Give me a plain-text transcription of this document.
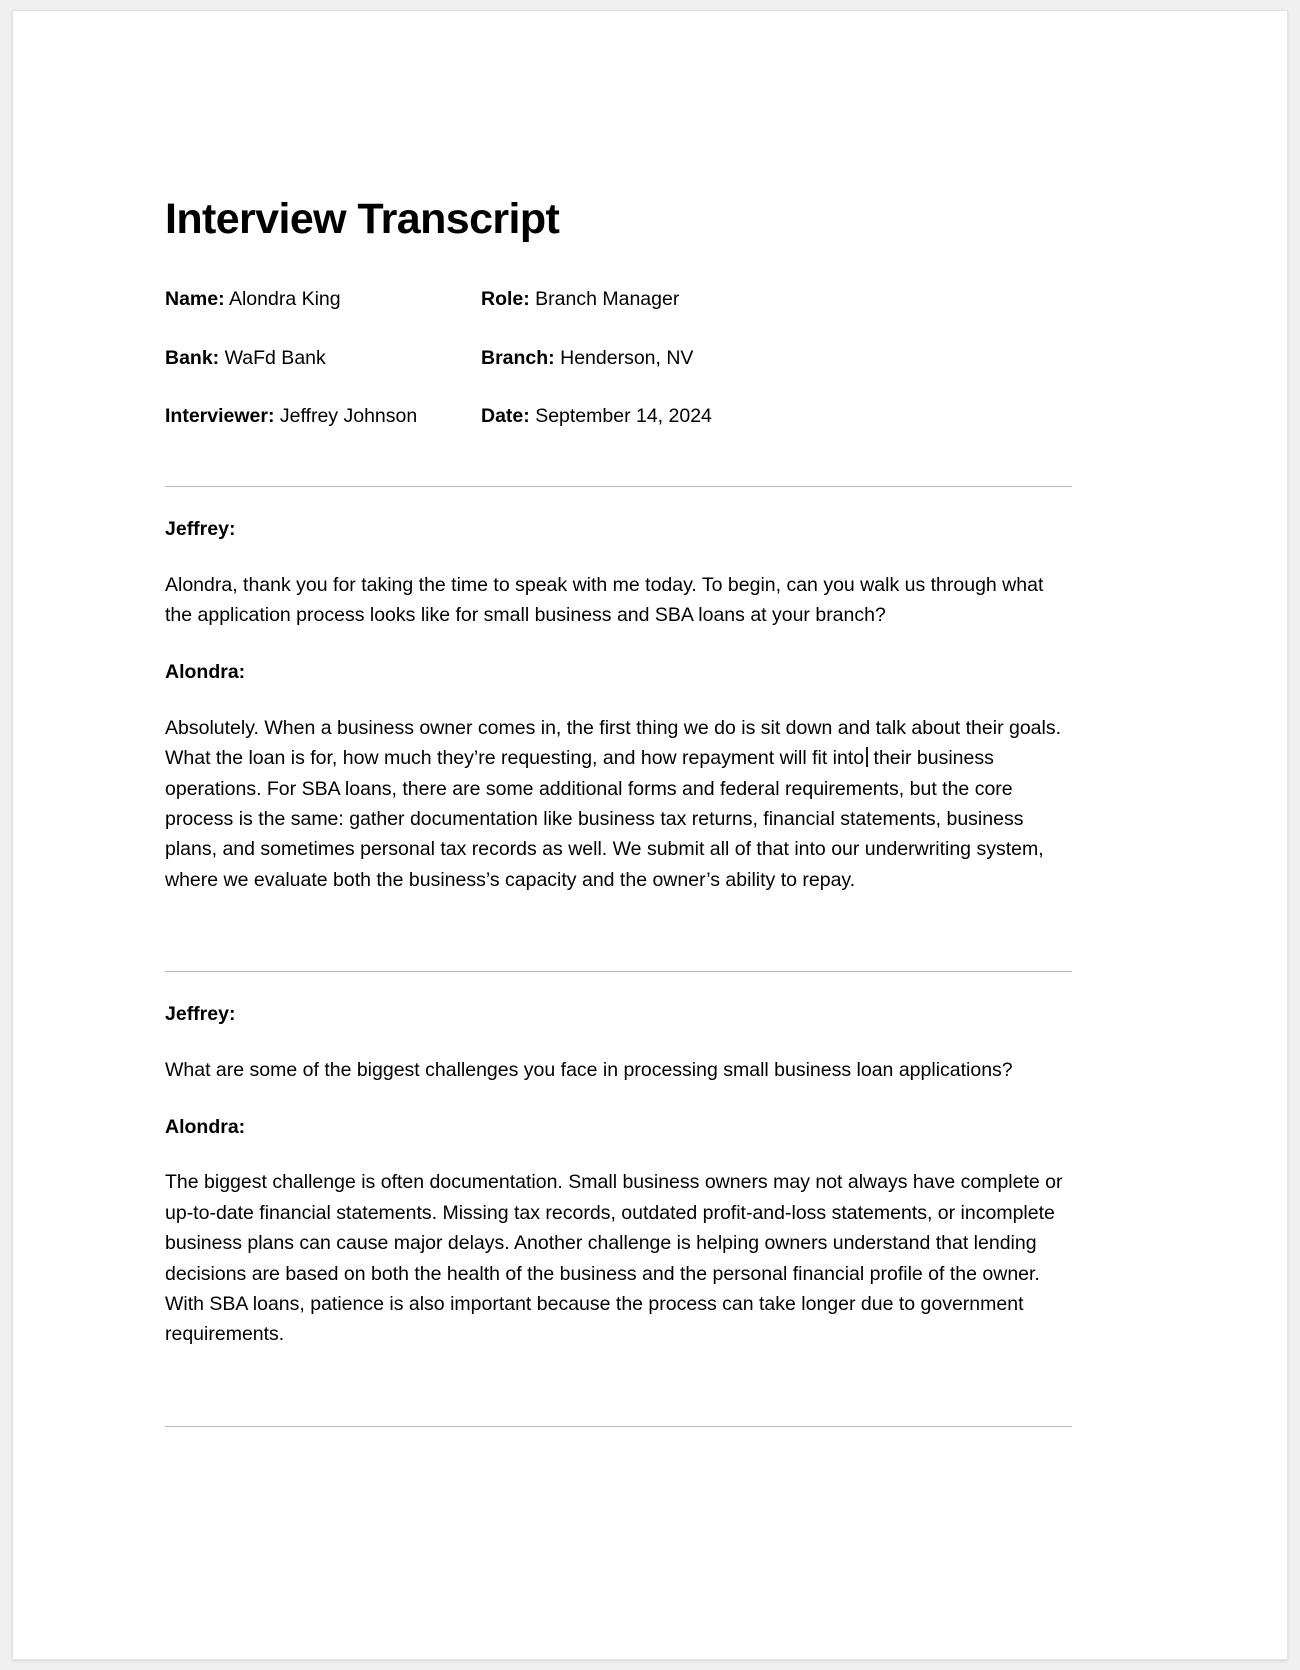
Interview Transcript
Name: Alondra King	Role: Branch Manager
Bank: WaFd Bank	Branch: Henderson, NV
Interviewer: Jeffrey Johnson	Date: September 14, 2024
Jeffrey:

Alondra, thank you for taking the time to speak with me today. To begin, can you walk us through what the application process looks like for small business and SBA loans at your branch?

Alondra:

Absolutely. When a business owner comes in, the first thing we do is sit down and talk about their goals. What the loan is for, how much they’re requesting, and how repayment will fit into their business operations. For SBA loans, there are some additional forms and federal requirements, but the core process is the same: gather documentation like business tax returns, financial statements, business plans, and sometimes personal tax records as well. We submit all of that into our underwriting system, where we evaluate both the business’s capacity and the owner’s ability to repay.

Jeffrey:

What are some of the biggest challenges you face in processing small business loan applications?

Alondra:

The biggest challenge is often documentation. Small business owners may not always have complete or up-to-date financial statements. Missing tax records, outdated profit-and-loss statements, or incomplete business plans can cause major delays. Another challenge is helping owners understand that lending decisions are based on both the health of the business and the personal financial profile of the owner. With SBA loans, patience is also important because the process can take longer due to government requirements.
